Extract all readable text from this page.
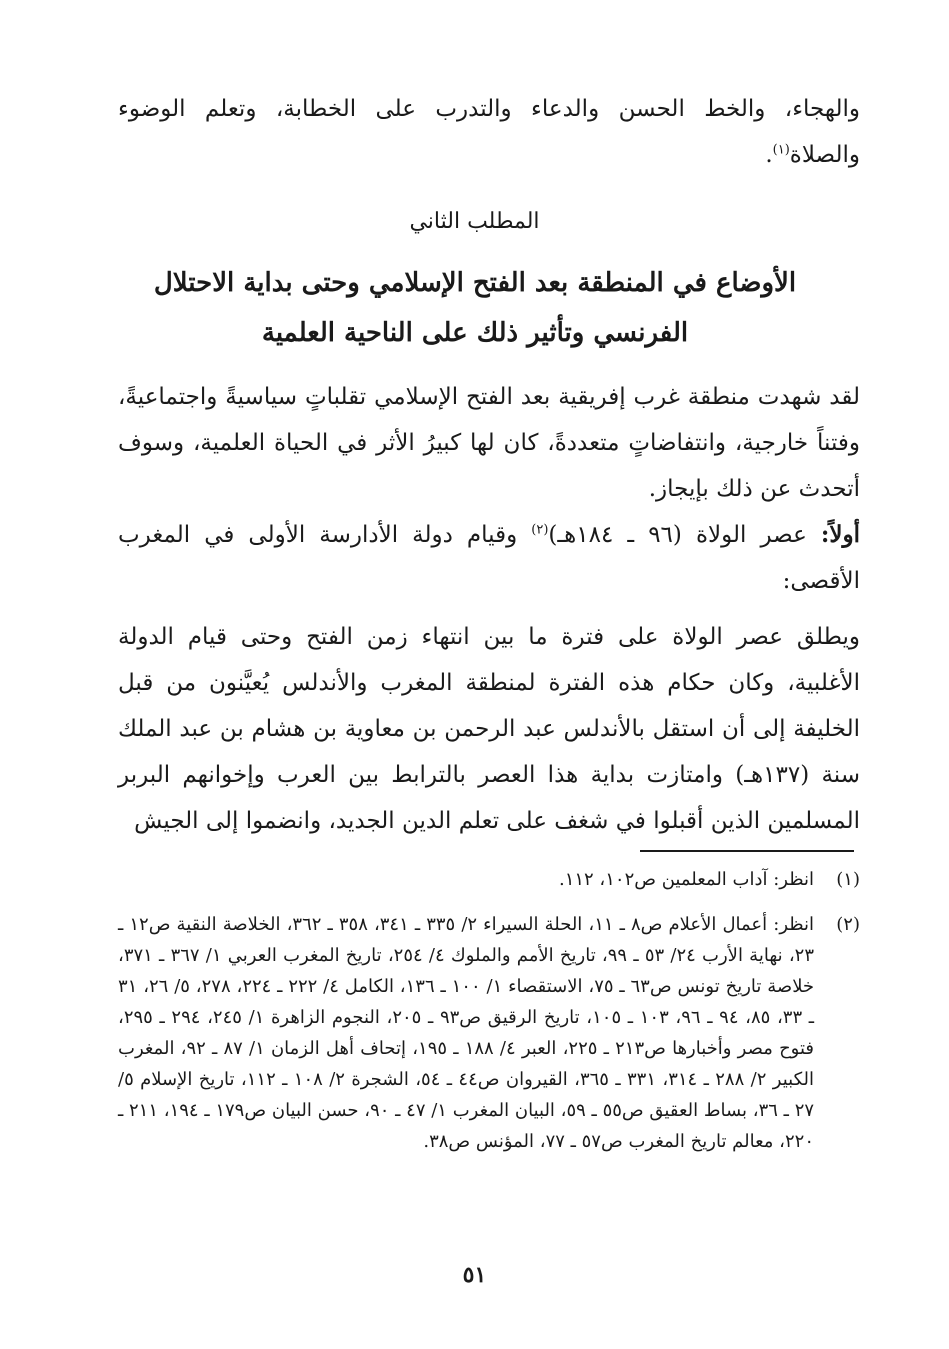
والهجاء، والخط الحسن والدعاء والتدرب على الخطابة، وتعلم الوضوء والصلاة$^{(١)}$.
المطلب الثاني
الأوضاع في المنطقة بعد الفتح الإسلامي وحتى بداية الاحتلال الفرنسي وتأثير ذلك على الناحية العلمية
لقد شهدت منطقة غرب إفريقية بعد الفتح الإسلامي تقلباتٍ سياسيةً واجتماعيةً، وفتناً خارجية، وانتفاضاتٍ متعددةً، كان لها كبيرُ الأثر في الحياة العلمية، وسوف أتحدث عن ذلك بإيجاز.
أولاً: عصر الولاة (٩٦ ـ ١٨٤هـ)$^{(٢)}$ وقيام دولة الأدارسة الأولى في المغرب الأقصى:
ويطلق عصر الولاة على فترة ما بين انتهاء زمن الفتح وحتى قيام الدولة الأغلبية، وكان حكام هذه الفترة لمنطقة المغرب والأندلس يُعيَّنون من قبل الخليفة إلى أن استقل بالأندلس عبد الرحمن بن معاوية بن هشام بن عبد الملك سنة (١٣٧هـ) وامتازت بداية هذا العصر بالترابط بين العرب وإخوانهم البربر المسلمين الذين أقبلوا في شغف على تعلم الدين الجديد، وانضموا إلى الجيش
(١)
انظر: آداب المعلمين ص١٠٢، ١١٢.
(٢)
انظر: أعمال الأعلام ص٨ ـ ١١، الحلة السيراء ٢/ ٣٣٥ ـ ٣٤١، ٣٥٨ ـ ٣٦٢، الخلاصة النقية ص١٢ ـ ٢٣، نهاية الأرب ٢٤/ ٥٣ ـ ٩٩، تاريخ الأمم والملوك ٤/ ٢٥٤، تاريخ المغرب العربي ١/ ٣٦٧ ـ ٣٧١، خلاصة تاريخ تونس ص٦٣ ـ ٧٥، الاستقصاء ١/ ١٠٠ ـ ١٣٦، الكامل ٤/ ٢٢٢ ـ ٢٢٤، ٢٧٨، ٥/ ٢٦، ٣١ ـ ٣٣، ٨٥، ٩٤ ـ ٩٦، ١٠٣ ـ ١٠٥، تاريخ الرقيق ص٩٣ ـ ٢٠٥، النجوم الزاهرة ١/ ٢٤٥، ٢٩٤ ـ ٢٩٥، فتوح مصر وأخبارها ص٢١٣ ـ ٢٢٥، العبر ٤/ ١٨٨ ـ ١٩٥، إتحاف أهل الزمان ١/ ٨٧ ـ ٩٢، المغرب الكبير ٢/ ٢٨٨ ـ ٣١٤، ٣٣١ ـ ٣٦٥، القيروان ص٤٤ ـ ٥٤، الشجرة ٢/ ١٠٨ ـ ١١٢، تاريخ الإسلام ٥/ ٢٧ ـ ٣٦، بساط العقيق ص٥٥ ـ ٥٩، البيان المغرب ١/ ٤٧ ـ ٩٠، حسن البيان ص١٧٩ ـ ١٩٤، ٢١١ ـ ٢٢٠، معالم تاريخ المغرب ص٥٧ ـ ٧٧، المؤنس ص٣٨.
٥١
